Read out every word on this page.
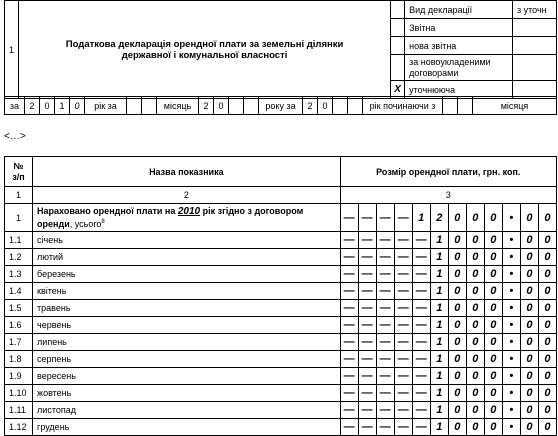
1	Податкова декларація орендної плати за земельні ділянки державної і комунальної власності		Вид декларації	з уточн
			Звітна	
			нова звітна	
			за новоукладеними договорами	
		Х	уточнююча	
за	2	0	1	0	рік за			місяць	2	0			року за	2	0			рік починаючи з			місяця
<…>
№ з/п	Назва показника	Розмір орендної плати, грн. коп.											
1	2	3											
1	Нараховано орендної плати на 2010 рік згідно з договором оренди, усього$^8$	—	—	—	—	1	2	0	0	0	•	0	0
1.1	січень	—	—	—	—	—	1	0	0	0	•	0	0
1.2	лютий	—	—	—	—	—	1	0	0	0	•	0	0
1.3	березень	—	—	—	—	—	1	0	0	0	•	0	0
1.4	квітень	—	—	—	—	—	1	0	0	0	•	0	0
1.5	травень	—	—	—	—	—	1	0	0	0	•	0	0
1.6	червень	—	—	—	—	—	1	0	0	0	•	0	0
1.7	липень	—	—	—	—	—	1	0	0	0	•	0	0
1.8	серпень	—	—	—	—	—	1	0	0	0	•	0	0
1.9	вересень	—	—	—	—	—	1	0	0	0	•	0	0
1.10	жовтень	—	—	—	—	—	1	0	0	0	•	0	0
1.11	листопад	—	—	—	—	—	1	0	0	0	•	0	0
1.12	грудень	—	—	—	—	—	1	0	0	0	•	0	0
